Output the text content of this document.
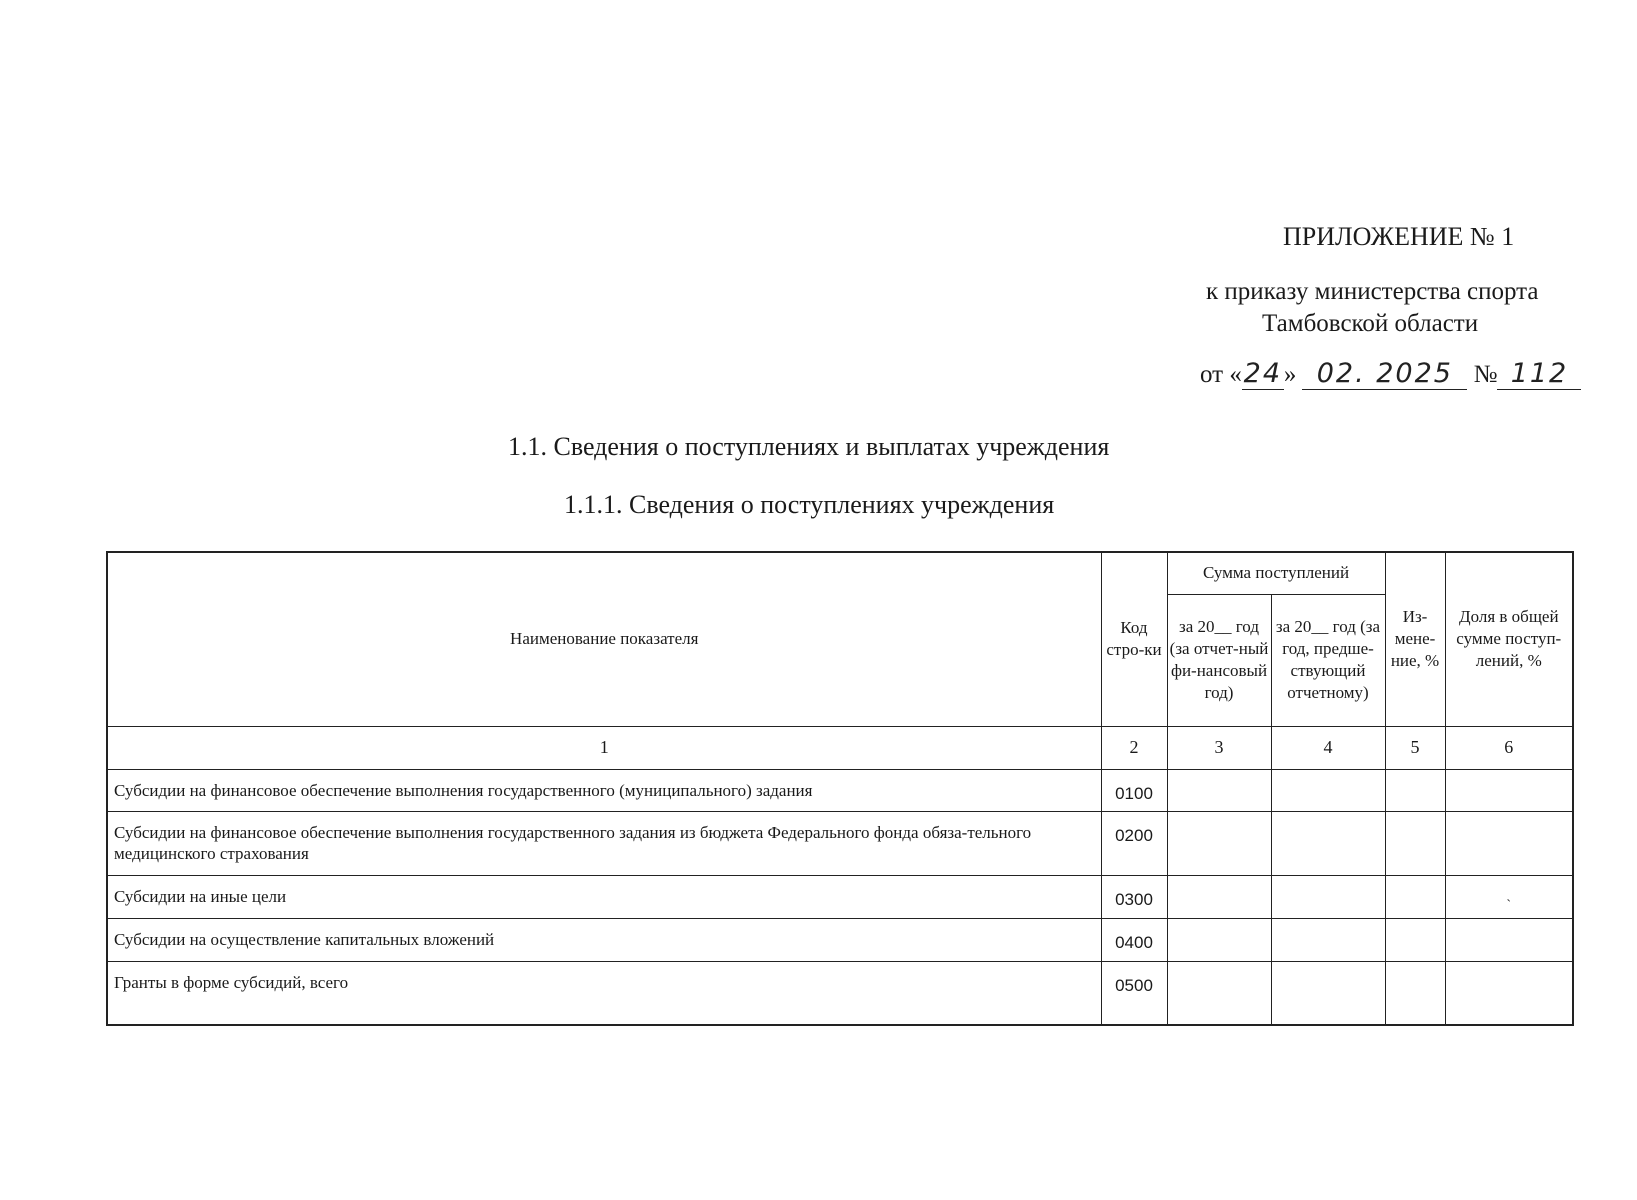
ПРИЛОЖЕНИЕ № 1
к приказу министерства спорта
Тамбовской области
от «24» 02. 2025 № 112
1.1. Сведения о поступлениях и выплатах учреждения
1.1.1. Сведения о поступлениях учреждения
Наименование показателя	Код стро-ки	Сумма поступлений		Из-мене-ние, %	Доля в общей сумме поступ-лений, %
		за 20__ год (за отчет-ный фи-нансовый год)	за 20__ год (за год, предше-ствующий отчетному)		
1	2	3	4	5	6
Субсидии на финансовое обеспечение выполнения государственного (муниципального) задания	0100				
Субсидии на финансовое обеспечение выполнения государственного задания из бюджета Федерального фонда обяза-тельного медицинского страхования	0200				
Субсидии на иные цели	0300				ˋ

Субсидии на осуществление капитальных вложений	0400				
Гранты в форме субсидий, всего	0500				
